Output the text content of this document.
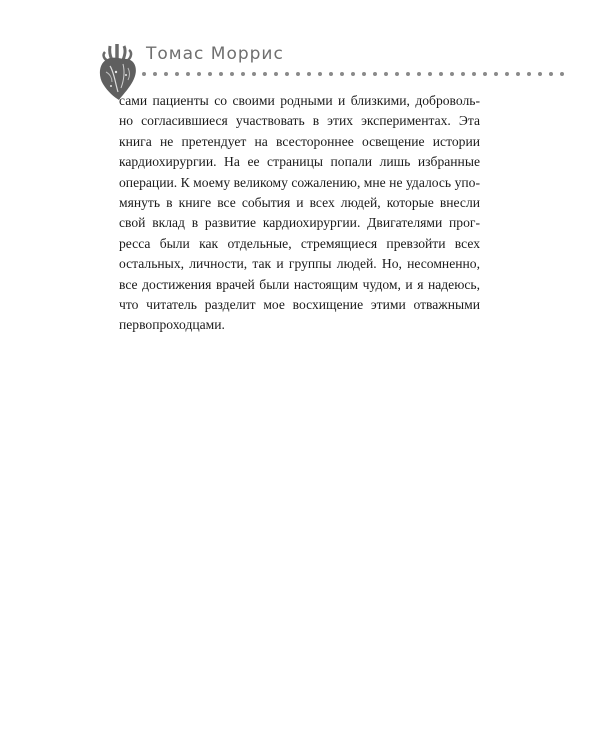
Томас Моррис
сами пациенты со своими родными и близкими, доброволь-
но согласившиеся участвовать в этих экспериментах. Эта
книга не претендует на всестороннее освещение истории
кардиохирургии. На ее страницы попали лишь избранные
операции. К моему великому сожалению, мне не удалось упо-
мянуть в книге все события и всех людей, которые внесли
свой вклад в развитие кардиохирургии. Двигателями прог-
ресса были как отдельные, стремящиеся превзойти всех
остальных, личности, так и группы людей. Но, несомненно,
все достижения врачей были настоящим чудом, и я надеюсь,
что читатель разделит мое восхищение этими отважными
первопроходцами.
